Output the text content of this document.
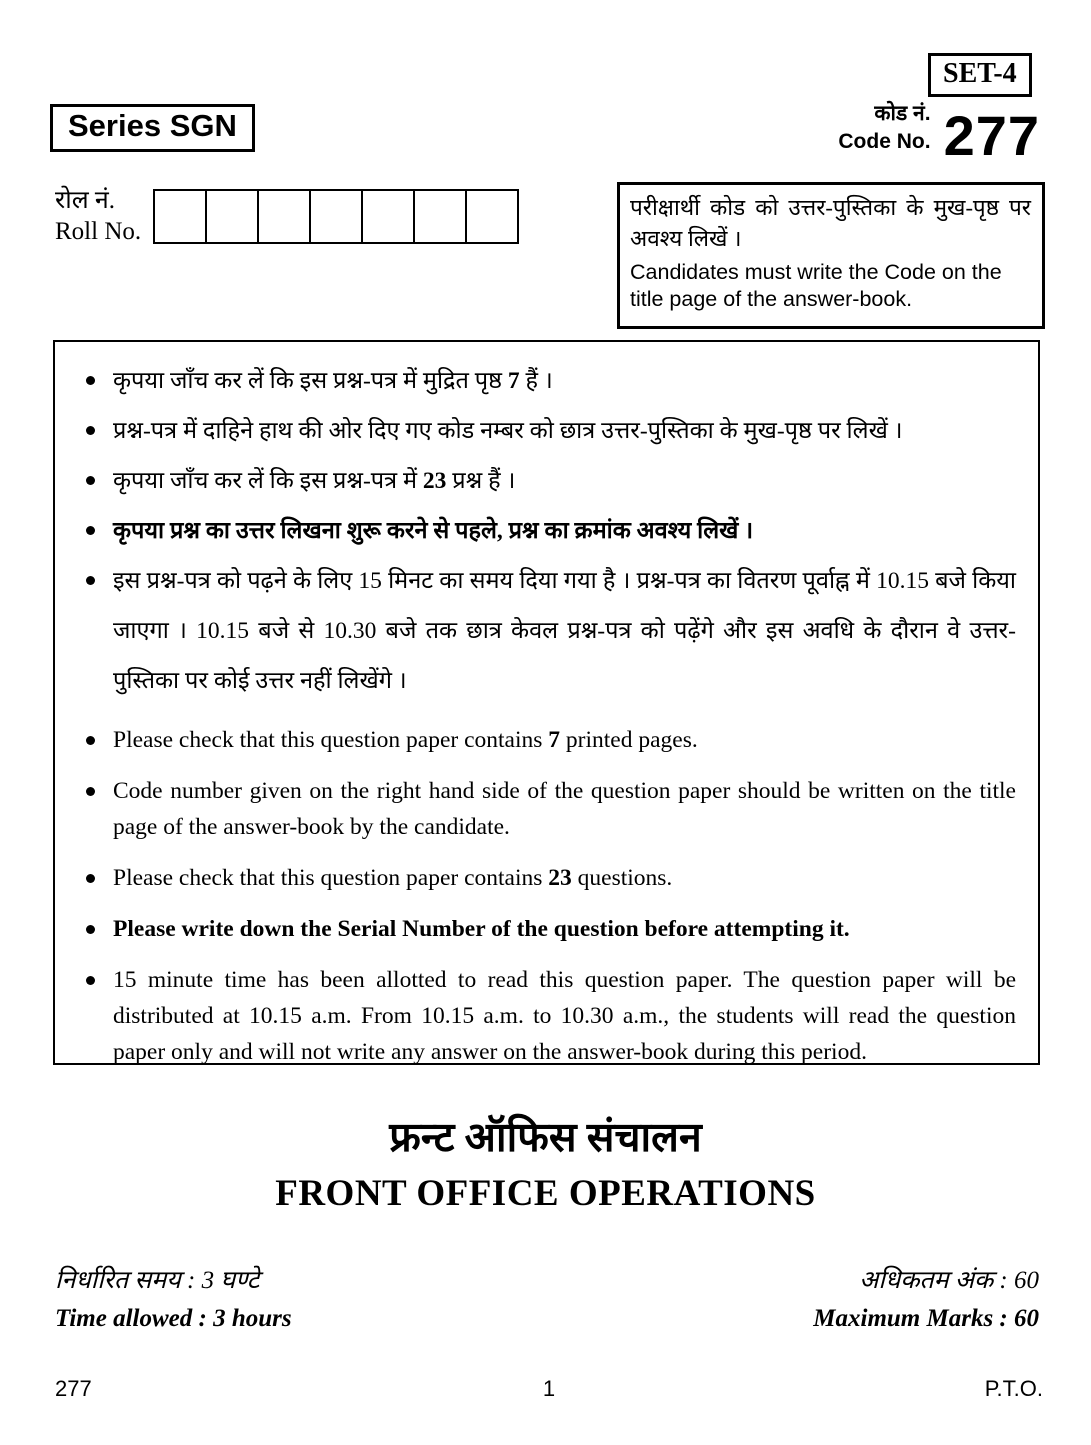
SET-4
कोड नं.
Code No. 277
Series SGN
रोल नं.
Roll No.
परीक्षार्थी कोड को उत्तर-पुस्तिका के मुख-पृष्ठ पर अवश्य लिखें ।
Candidates must write the Code on the title page of the answer-book.
कृपया जाँच कर लें कि इस प्रश्न-पत्र में मुद्रित पृष्ठ 7 हैं ।
प्रश्न-पत्र में दाहिने हाथ की ओर दिए गए कोड नम्बर को छात्र उत्तर-पुस्तिका के मुख-पृष्ठ पर लिखें ।
कृपया जाँच कर लें कि इस प्रश्न-पत्र में 23 प्रश्न हैं ।
कृपया प्रश्न का उत्तर लिखना शुरू करने से पहले, प्रश्न का क्रमांक अवश्य लिखें ।
इस प्रश्न-पत्र को पढ़ने के लिए 15 मिनट का समय दिया गया है । प्रश्न-पत्र का वितरण पूर्वाह्न में 10.15 बजे किया जाएगा । 10.15 बजे से 10.30 बजे तक छात्र केवल प्रश्न-पत्र को पढ़ेंगे और इस अवधि के दौरान वे उत्तर-पुस्तिका पर कोई उत्तर नहीं लिखेंगे ।
Please check that this question paper contains 7 printed pages.
Code number given on the right hand side of the question paper should be written on the title page of the answer-book by the candidate.
Please check that this question paper contains 23 questions.
Please write down the Serial Number of the question before attempting it.
15 minute time has been allotted to read this question paper. The question paper will be distributed at 10.15 a.m. From 10.15 a.m. to 10.30 a.m., the students will read the question paper only and will not write any answer on the answer-book during this period.
फ्रन्ट ऑफिस संचालन
FRONT OFFICE OPERATIONS
निर्धारित समय : 3 घण्टे	अधिकतम अंक : 60
Time allowed : 3 hours	Maximum Marks : 60
277	1	P.T.O.
